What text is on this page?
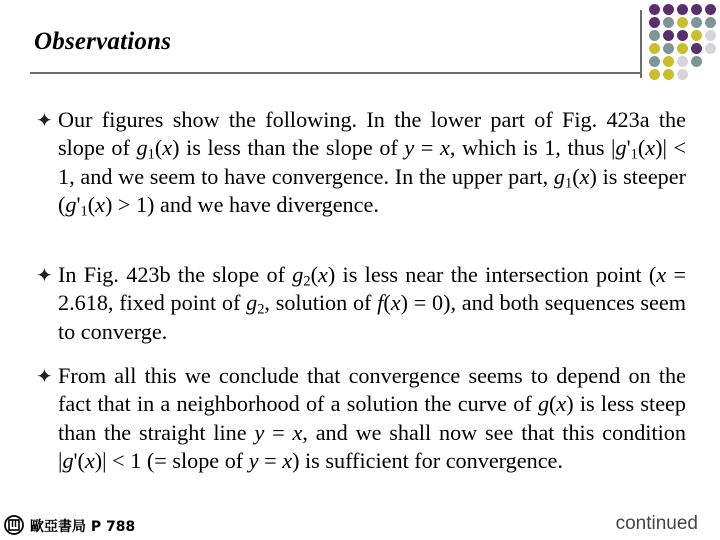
Observations
✦ Our figures show the following. In the lower part of Fig. 423a the slope of $g_1(x)$ is less than the slope of y = x, which is 1, thus $|g'_1(x)| < 1$, and we seem to have convergence. In the upper part, $g_1(x)$ is steeper $(g'_1(x) > 1)$ and we have divergence.
✦ In Fig. 423b the slope of $g_2(x)$ is less near the intersection point (x = 2.618, fixed point of $g_2$, solution of f(x) = 0), and both sequences seem to converge.
✦ From all this we conclude that convergence seems to depend on the fact that in a neighborhood of a solution the curve of g(x) is less steep than the straight line y = x, and we shall now see that this condition |g'(x)| < 1 (= slope of y = x) is sufficient for convergence.
歐亞書局 P 788	continued
